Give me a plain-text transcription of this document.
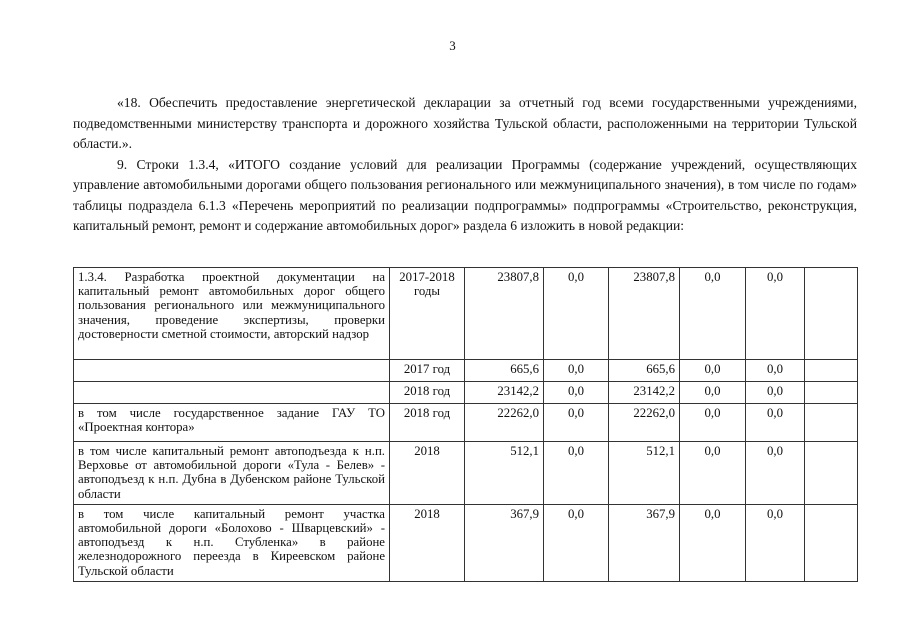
3

«18. Обеспечить предоставление энергетической декларации за отчетный год всеми государственными учреждениями, подведомственными министерству транспорта и дорожного хозяйства Тульской области, расположенными на территории Тульской области.».

9. Строки 1.3.4, «ИТОГО создание условий для реализации Программы (содержание учреждений, осуществляющих управление автомобильными дорогами общего пользования регионального или межмуниципального значения), в том числе по годам» таблицы подраздела 6.1.3 «Перечень мероприятий по реализации подпрограммы» подпрограммы «Строительство, реконструкция, капитальный ремонт, ремонт и содержание автомобильных дорог» раздела 6 изложить в новой редакции:

1.3.4. Разработка проектной документации на капитальный ремонт автомобильных дорог общего пользования регионального или межмуниципального значения, проведение экспертизы, проверки достоверности сметной стоимости, авторский надзор	2017-2018 годы	23807,8	0,0	23807,8	0,0	0,0	
	2017 год	665,6	0,0	665,6	0,0	0,0	
	2018 год	23142,2	0,0	23142,2	0,0	0,0	
в том числе государственное задание ГАУ ТО «Проектная контора»	2018 год	22262,0	0,0	22262,0	0,0	0,0	
в том числе капитальный ремонт автоподъезда к н.п. Верховье от автомобильной дороги «Тула - Белев» - автоподъезд к н.п. Дубна в Дубенском районе Тульской области	2018	512,1	0,0	512,1	0,0	0,0	
в том числе капитальный ремонт участка автомобильной дороги «Болохово - Шварцевский» - автоподъезд к н.п. Стубленка» в районе железнодорожного переезда в Киреевском районе Тульской области	2018	367,9	0,0	367,9	0,0	0,0	
